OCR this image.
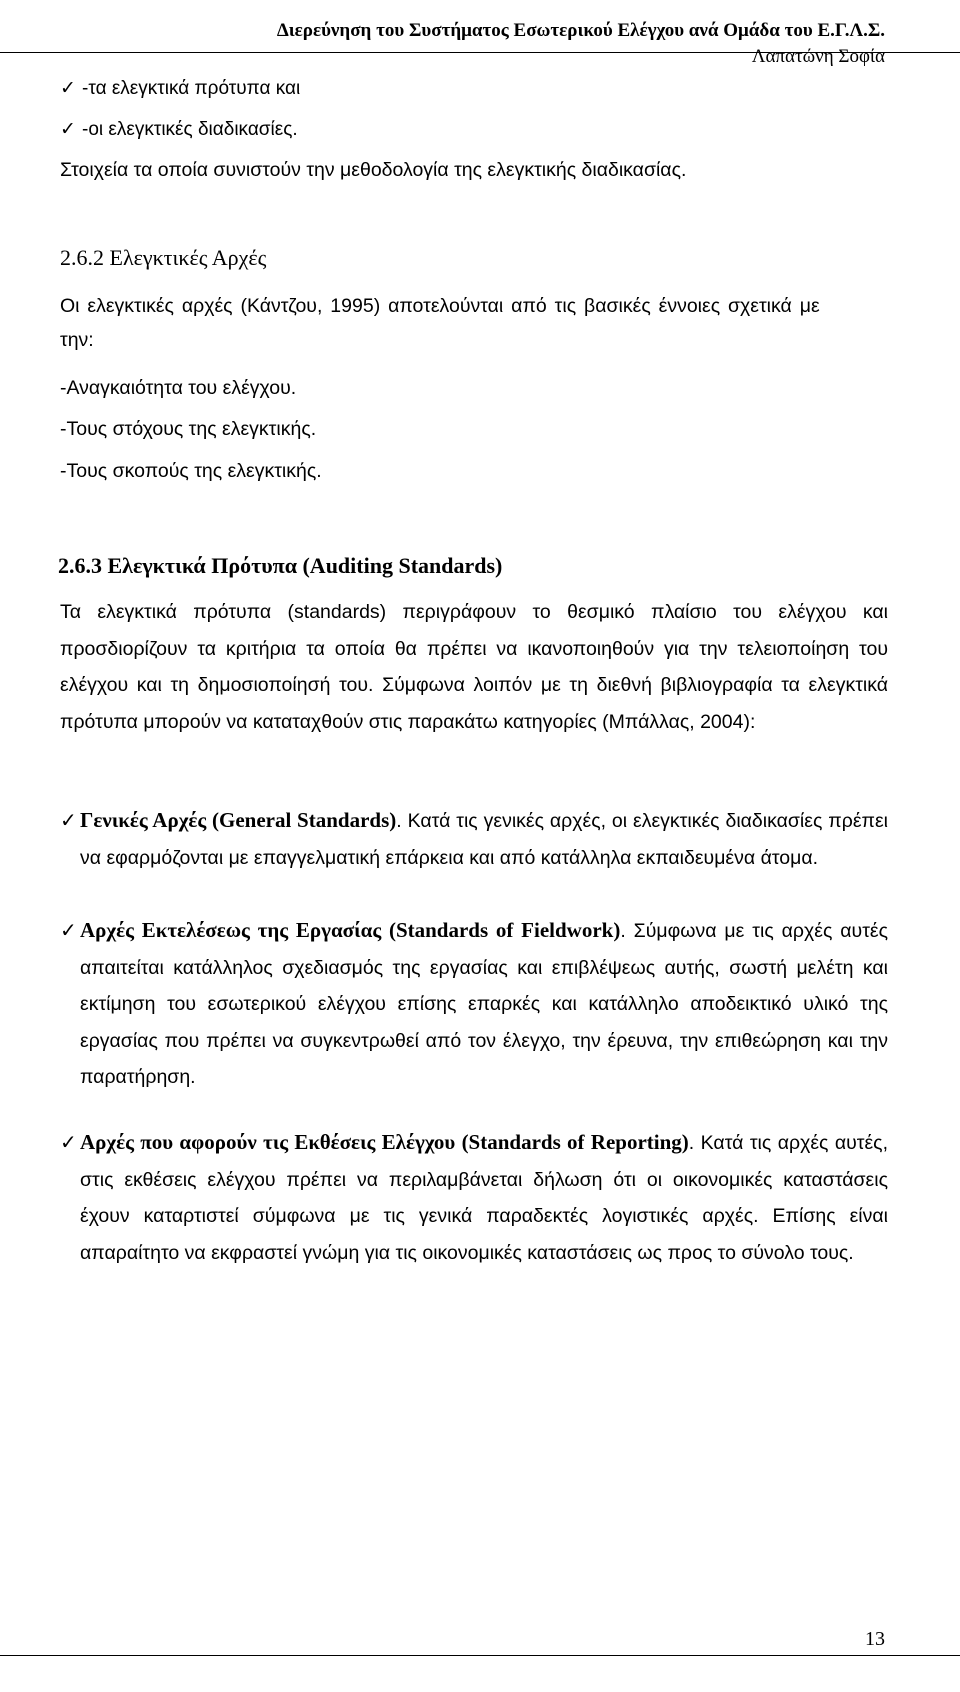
Διερεύνηση του Συστήματος Εσωτερικού Ελέγχου ανά Ομάδα του Ε.Γ.Λ.Σ.
Λαπατώνη Σοφία
✓ -τα ελεγκτικά πρότυπα και
✓ -οι ελεγκτικές διαδικασίες.
Στοιχεία τα οποία συνιστούν την μεθοδολογία της ελεγκτικής διαδικασίας.
2.6.2 Ελεγκτικές Αρχές
Οι ελεγκτικές αρχές (Κάντζου, 1995) αποτελούνται από τις βασικές έννοιες σχετικά με
την:
-Αναγκαιότητα του ελέγχου.
-Τους στόχους της ελεγκτικής.
-Τους σκοπούς της ελεγκτικής.
2.6.3 Ελεγκτικά Πρότυπα (Auditing Standards)
Τα ελεγκτικά πρότυπα (standards) περιγράφουν το θεσμικό πλαίσιο του ελέγχου και προσδιορίζουν τα κριτήρια τα οποία θα πρέπει να ικανοποιηθούν για την τελειοποίηση του ελέγχου και τη δημοσιοποίησή του. Σύμφωνα λοιπόν με τη διεθνή βιβλιογραφία τα ελεγκτικά πρότυπα μπορούν να καταταχθούν στις παρακάτω κατηγορίες (Μπάλλας, 2004):
✓ Γενικές Αρχές (General Standards). Κατά τις γενικές αρχές, οι ελεγκτικές διαδικασίες πρέπει να εφαρμόζονται με επαγγελματική επάρκεια και από κατάλληλα εκπαιδευμένα άτομα.
✓ Αρχές Εκτελέσεως της Εργασίας (Standards of Fieldwork). Σύμφωνα με τις αρχές αυτές απαιτείται κατάλληλος σχεδιασμός της εργασίας και επιβλέψεως αυτής, σωστή μελέτη και εκτίμηση του εσωτερικού ελέγχου επίσης επαρκές και κατάλληλο αποδεικτικό υλικό της εργασίας που πρέπει να συγκεντρωθεί από τον έλεγχο, την έρευνα, την επιθεώρηση και την παρατήρηση.
✓ Αρχές που αφορούν τις Εκθέσεις Ελέγχου (Standards of Reporting). Κατά τις αρχές αυτές, στις εκθέσεις ελέγχου πρέπει να περιλαμβάνεται δήλωση ότι οι οικονομικές καταστάσεις έχουν καταρτιστεί σύμφωνα με τις γενικά παραδεκτές λογιστικές αρχές. Επίσης είναι απαραίτητο να εκφραστεί γνώμη για τις οικονομικές καταστάσεις ως προς το σύνολο τους.
13
